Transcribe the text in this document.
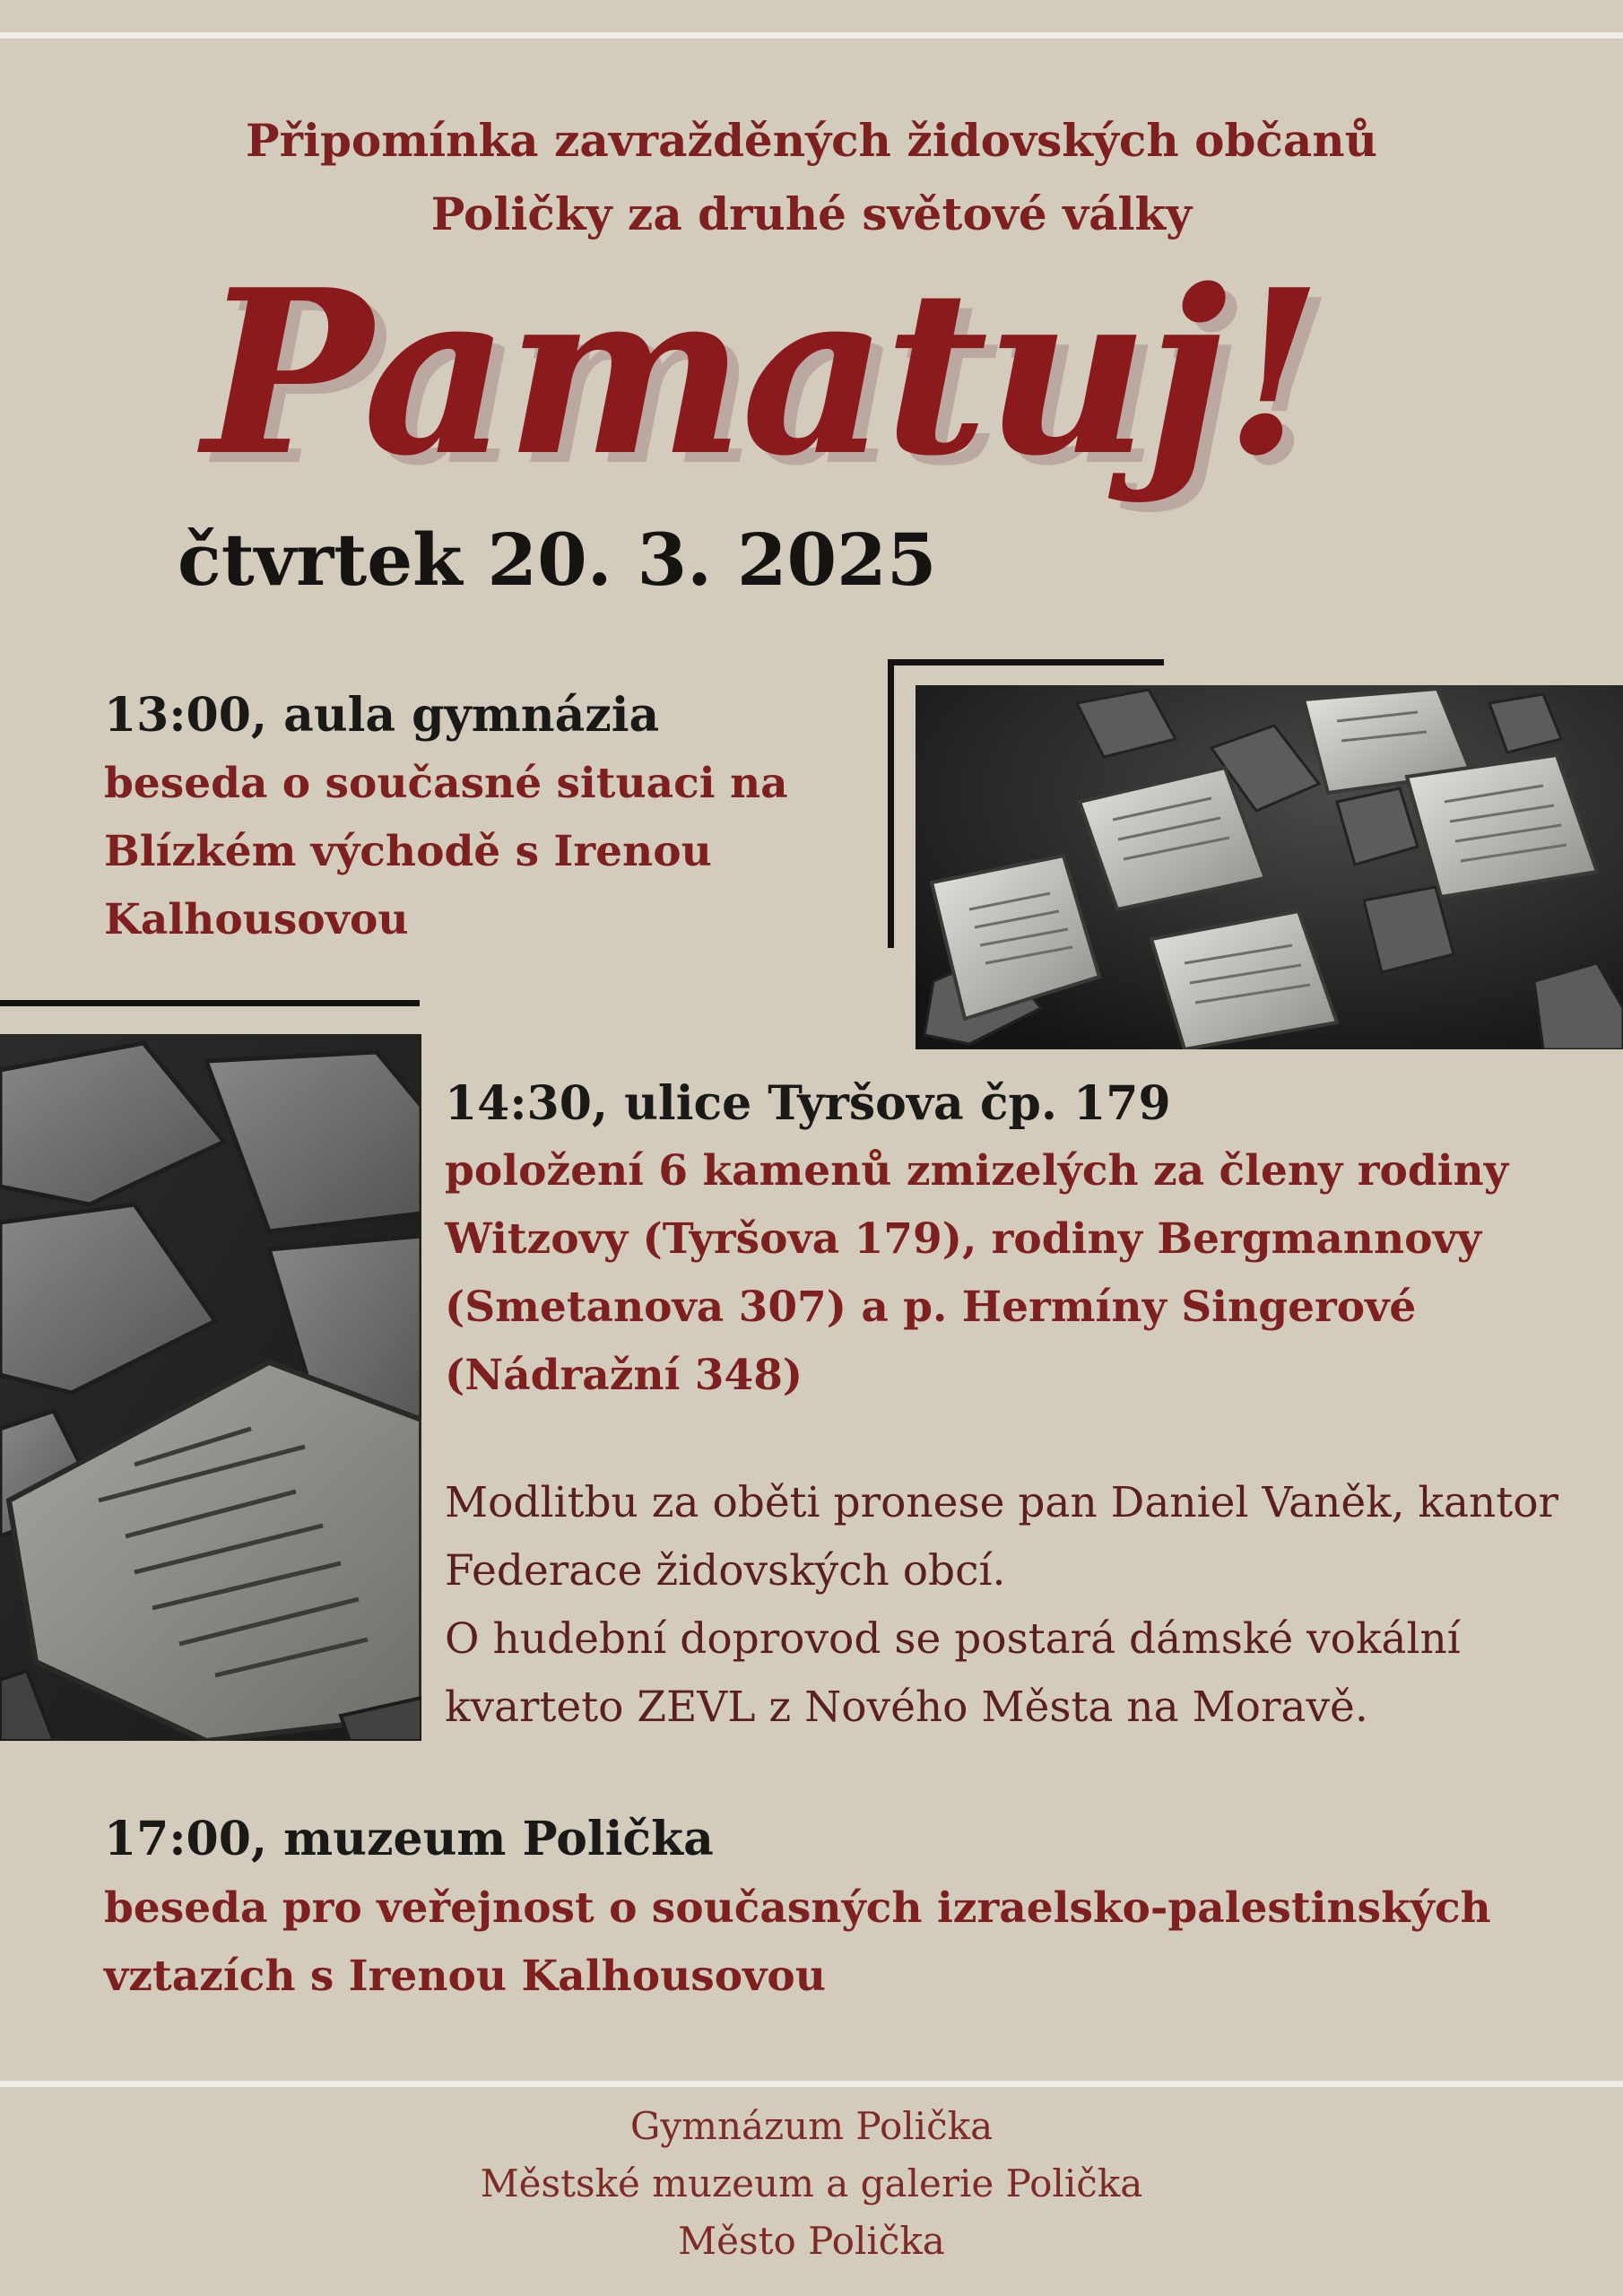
Připomínka zavražděných židovských občanů
Poličky za druhé světové války
Pamatuj!
čtvrtek 20. 3. 2025
13:00, aula gymnázia
beseda o současné situaci na
Blízkém východě s Irenou
Kalhousovou
14:30, ulice Tyršova čp. 179
položení 6 kamenů zmizelých za členy rodiny
Witzovy (Tyršova 179), rodiny Bergmannovy
(Smetanova 307) a p. Hermíny Singerové
(Nádražní 348)
Modlitbu za oběti pronese pan Daniel Vaněk, kantor
Federace židovských obcí.
O hudební doprovod se postará dámské vokální
kvarteto ZEVL z Nového Města na Moravě.
17:00, muzeum Polička
beseda pro veřejnost o současných izraelsko-palestinských
vztazích s Irenou Kalhousovou
Gymnázum Polička
Městské muzeum a galerie Polička
Město Polička
